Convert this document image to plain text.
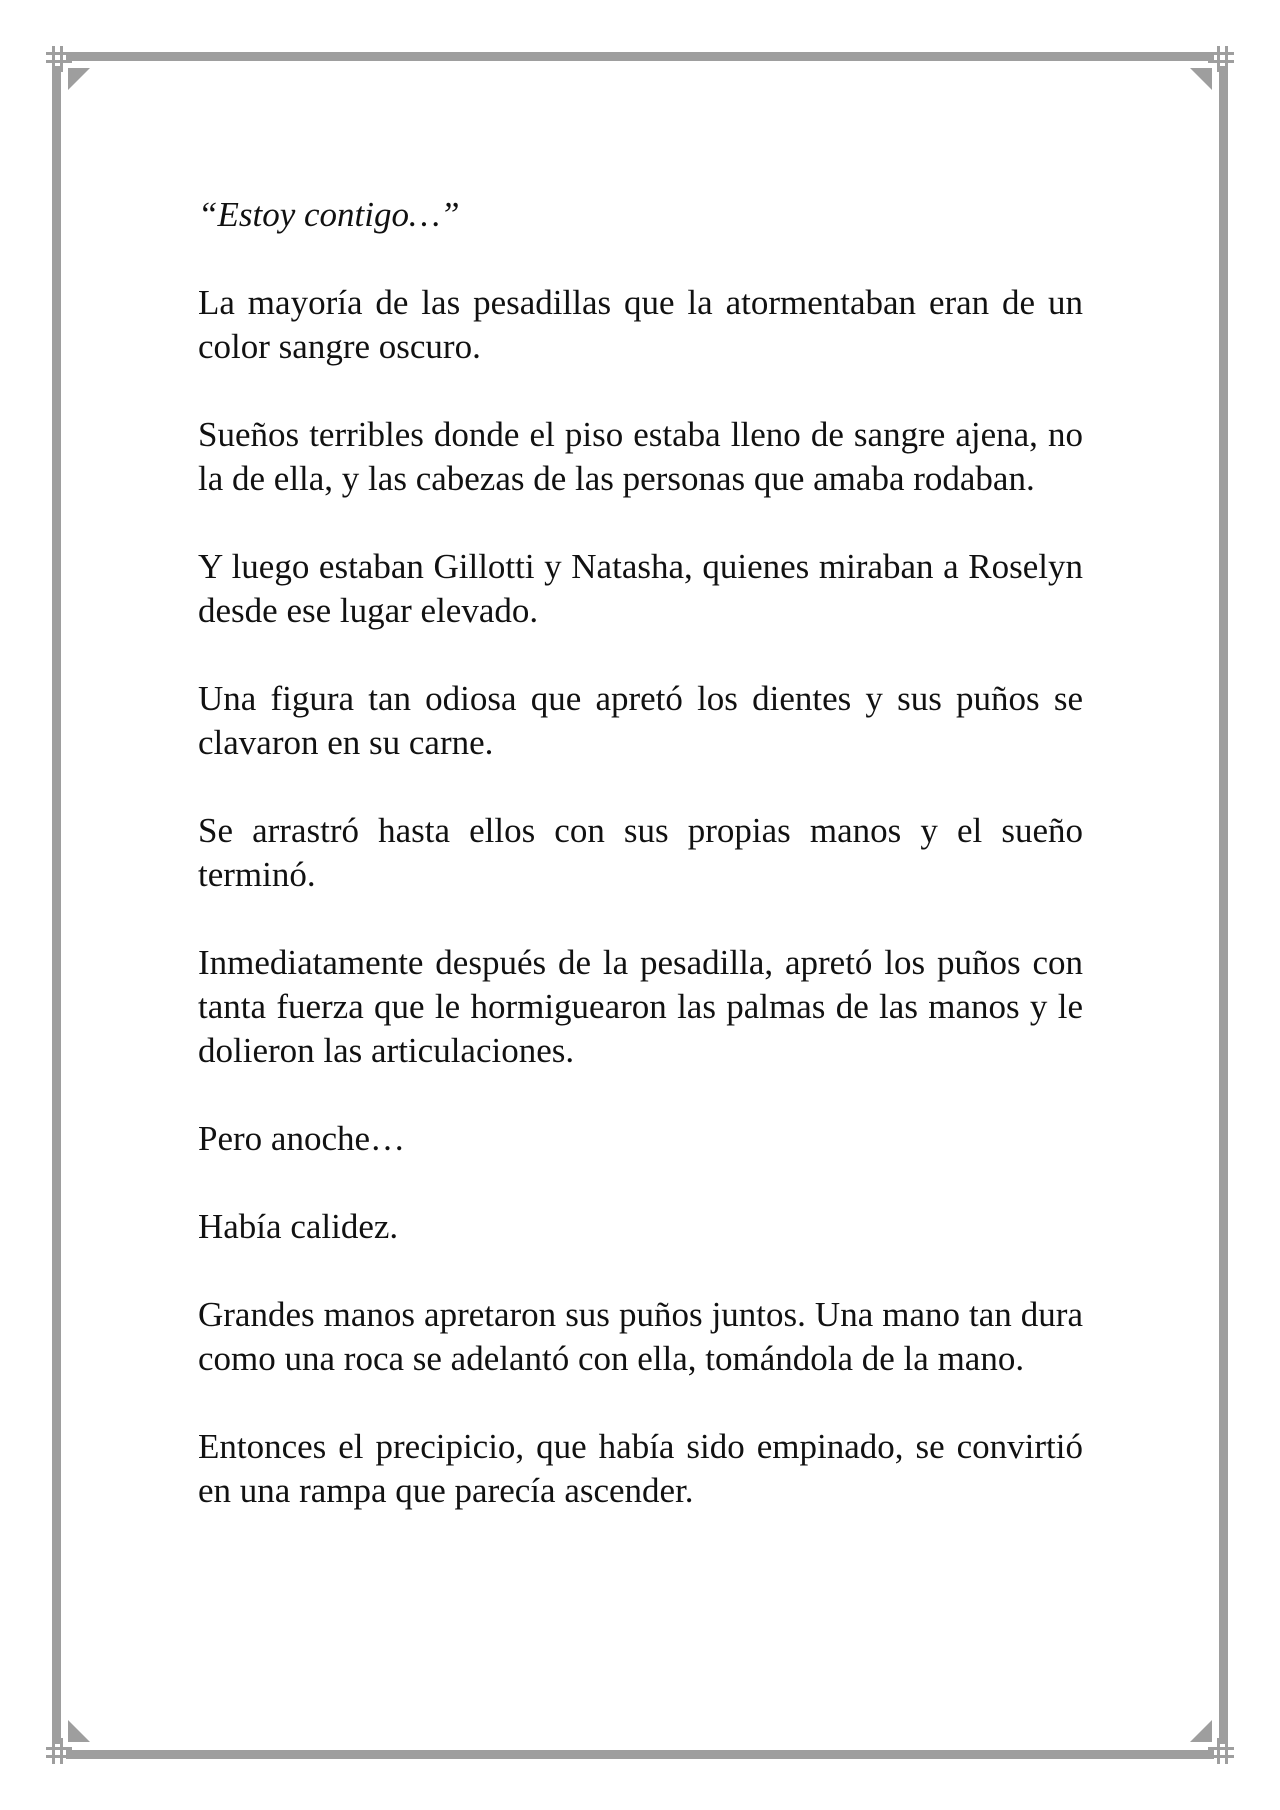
“Estoy contigo…”

La mayoría de las pesadillas que la atormentaban eran de un color sangre oscuro.

Sueños terribles donde el piso estaba lleno de sangre ajena, no la de ella, y las cabezas de las personas que amaba rodaban.

Y luego estaban Gillotti y Natasha, quienes miraban a Roselyn desde ese lugar elevado.

Una figura tan odiosa que apretó los dientes y sus puños se clavaron en su carne.

Se arrastró hasta ellos con sus propias manos y el sueño terminó.

Inmediatamente después de la pesadilla, apretó los puños con tanta fuerza que le hormiguearon las palmas de las manos y le dolieron las articulaciones.

Pero anoche…

Había calidez.

Grandes manos apretaron sus puños juntos. Una mano tan dura como una roca se adelantó con ella, tomándola de la mano.

Entonces el precipicio, que había sido empinado, se convirtió en una rampa que parecía ascender.
